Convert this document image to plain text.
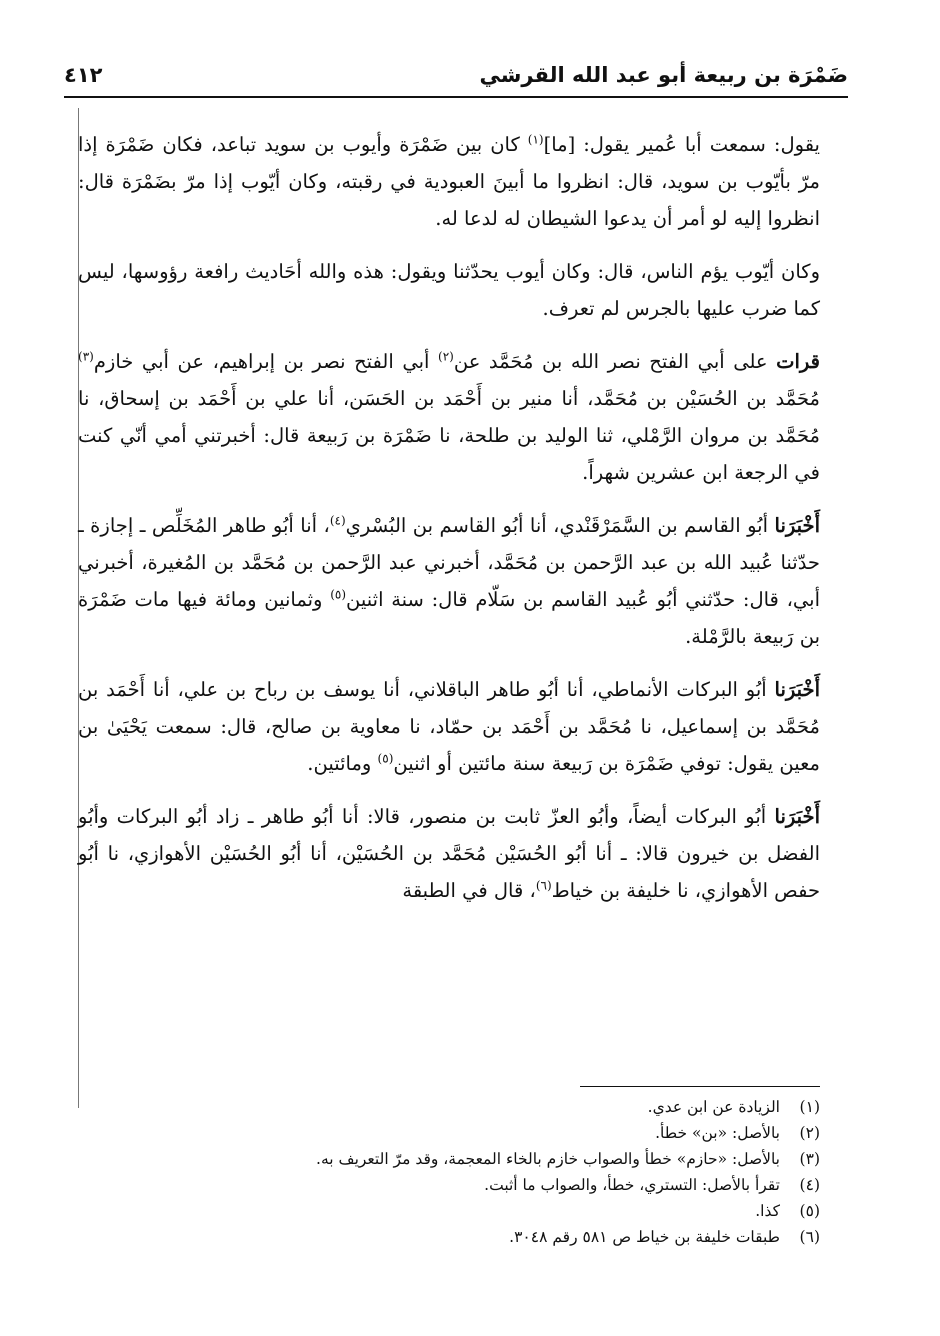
ضَمْرَة بن ربيعة أبو عبد الله القرشي
٤١٢

يقول: سمعت أبا عُمير يقول: [ما]$^{(١)}$ كان بين ضَمْرَة وأيوب بن سويد تباعد، فكان ضَمْرَة إذا مرّ بأيّوب بن سويد، قال: انظروا ما أبينَ العبودية في رقبته، وكان أيّوب إذا مرّ بضَمْرَة قال: انظروا إليه لو أمر أن يدعوا الشيطان له لدعا له.

وكان أيّوب يؤم الناس، قال: وكان أيوب يحدّثنا ويقول: هذه والله أحَاديث رافعة رؤوسها، ليس كما ضرب عليها بالجرس لم تعرف.

قرات على أبي الفتح نصر الله بن مُحَمَّد عن$^{(٢)}$ أبي الفتح نصر بن إبراهيم، عن أبي خازم$^{(٣)}$ مُحَمَّد بن الحُسَيْن بن مُحَمَّد، أنا منير بن أَحْمَد بن الحَسَن، أنا علي بن أَحْمَد بن إسحاق، نا مُحَمَّد بن مروان الرَّمْلي، ثنا الوليد بن طلحة، نا ضَمْرَة بن رَبيعة قال: أخبرتني أمي أنّي كنت في الرجعة ابن عشرين شهراً.

أَخْبَرَنا أبُو القاسم بن السَّمَرْقَنْدي، أنا أبُو القاسم بن البُسْري$^{(٤)}$، أنا أبُو طاهر المُخَلِّص ـ إجازة ـ حدّثنا عُبيد الله بن عبد الرَّحمن بن مُحَمَّد، أخبرني عبد الرَّحمن بن مُحَمَّد بن المُغيرة، أخبرني أبي، قال: حدّثني أبُو عُبيد القاسم بن سَلّام قال: سنة اثنين$^{(٥)}$ وثمانين ومائة فيها مات ضَمْرَة بن رَبيعة بالرَّمْلة.

أَخْبَرَنا أبُو البركات الأنماطي، أنا أبُو طاهر الباقلاني، أنا يوسف بن رباح بن علي، أنا أَحْمَد بن مُحَمَّد بن إسماعيل، نا مُحَمَّد بن أَحْمَد بن حمّاد، نا معاوية بن صالح، قال: سمعت يَحْيَىٰ بن معين يقول: توفي ضَمْرَة بن رَبيعة سنة مائتين أو اثنين$^{(٥)}$ ومائتين.

أَخْبَرَنا أبُو البركات أيضاً، وأبُو العزّ ثابت بن منصور، قالا: أنا أبُو طاهر ـ زاد أبُو البركات وأبُو الفضل بن خيرون قالا: ـ أنا أبُو الحُسَيْن مُحَمَّد بن الحُسَيْن، أنا أبُو الحُسَيْن الأهوازي، نا أبُو حفص الأهوازي، نا خليفة بن خياط$^{(٦)}$، قال في الطبقة

(١)الزيادة عن ابن عدي.
(٢)بالأصل: «بن» خطأ.
(٣)بالأصل: «حازم» خطأ والصواب خازم بالخاء المعجمة، وقد مرّ التعريف به.
(٤)تقرأ بالأصل: التستري، خطأ، والصواب ما أثبت.
(٥)كذا.
(٦)طبقات خليفة بن خياط ص ٥٨١ رقم ٣٠٤٨.
